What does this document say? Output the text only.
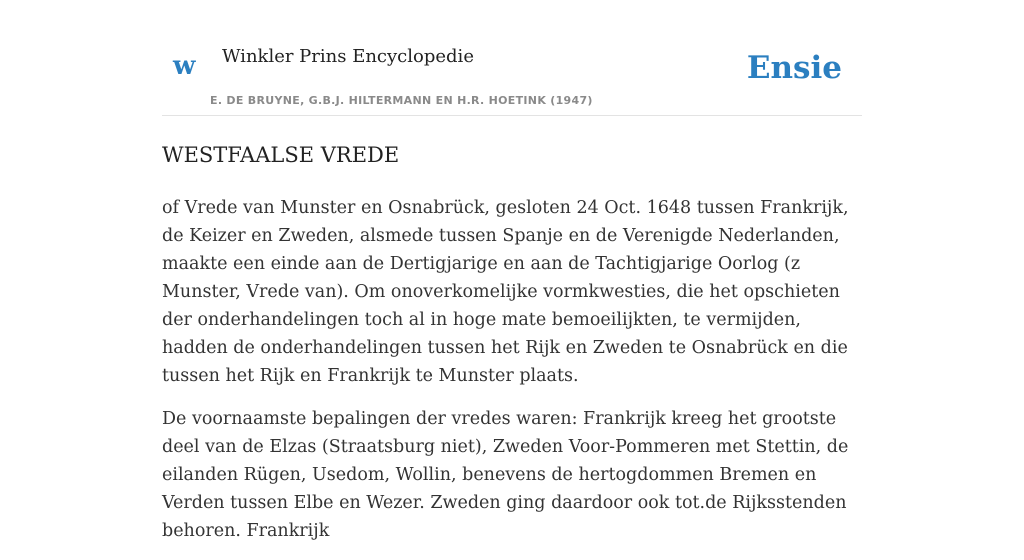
w Winkler Prins Encyclopedie
E. DE BRUYNE, G.B.J. HILTERMANN EN H.R. HOETINK (1947)
Ensie
WESTFAALSE VREDE

of Vrede van Munster en Osnabrück, gesloten 24 Oct. 1648 tussen Frankrijk, de Keizer en Zweden, alsmede tussen Spanje en de Verenigde Nederlanden, maakte een einde aan de Dertigjarige en aan de Tachtigjarige Oorlog (z Munster, Vrede van). Om onoverkomelijke vormkwesties, die het opschieten der onderhandelingen toch al in hoge mate bemoeilijkten, te vermijden, hadden de onderhandelingen tussen het Rijk en Zweden te Osnabrück en die tussen het Rijk en Frankrijk te Munster plaats.

De voornaamste bepalingen der vredes waren: Frankrijk kreeg het grootste deel van de Elzas (Straatsburg niet), Zweden Voor-Pommeren met Stettin, de eilanden Rügen, Usedom, Wollin, benevens de hertogdommen Bremen en Verden tussen Elbe en Wezer. Zweden ging daardoor ook tot.de Rijksstenden behoren. Frankrijk
